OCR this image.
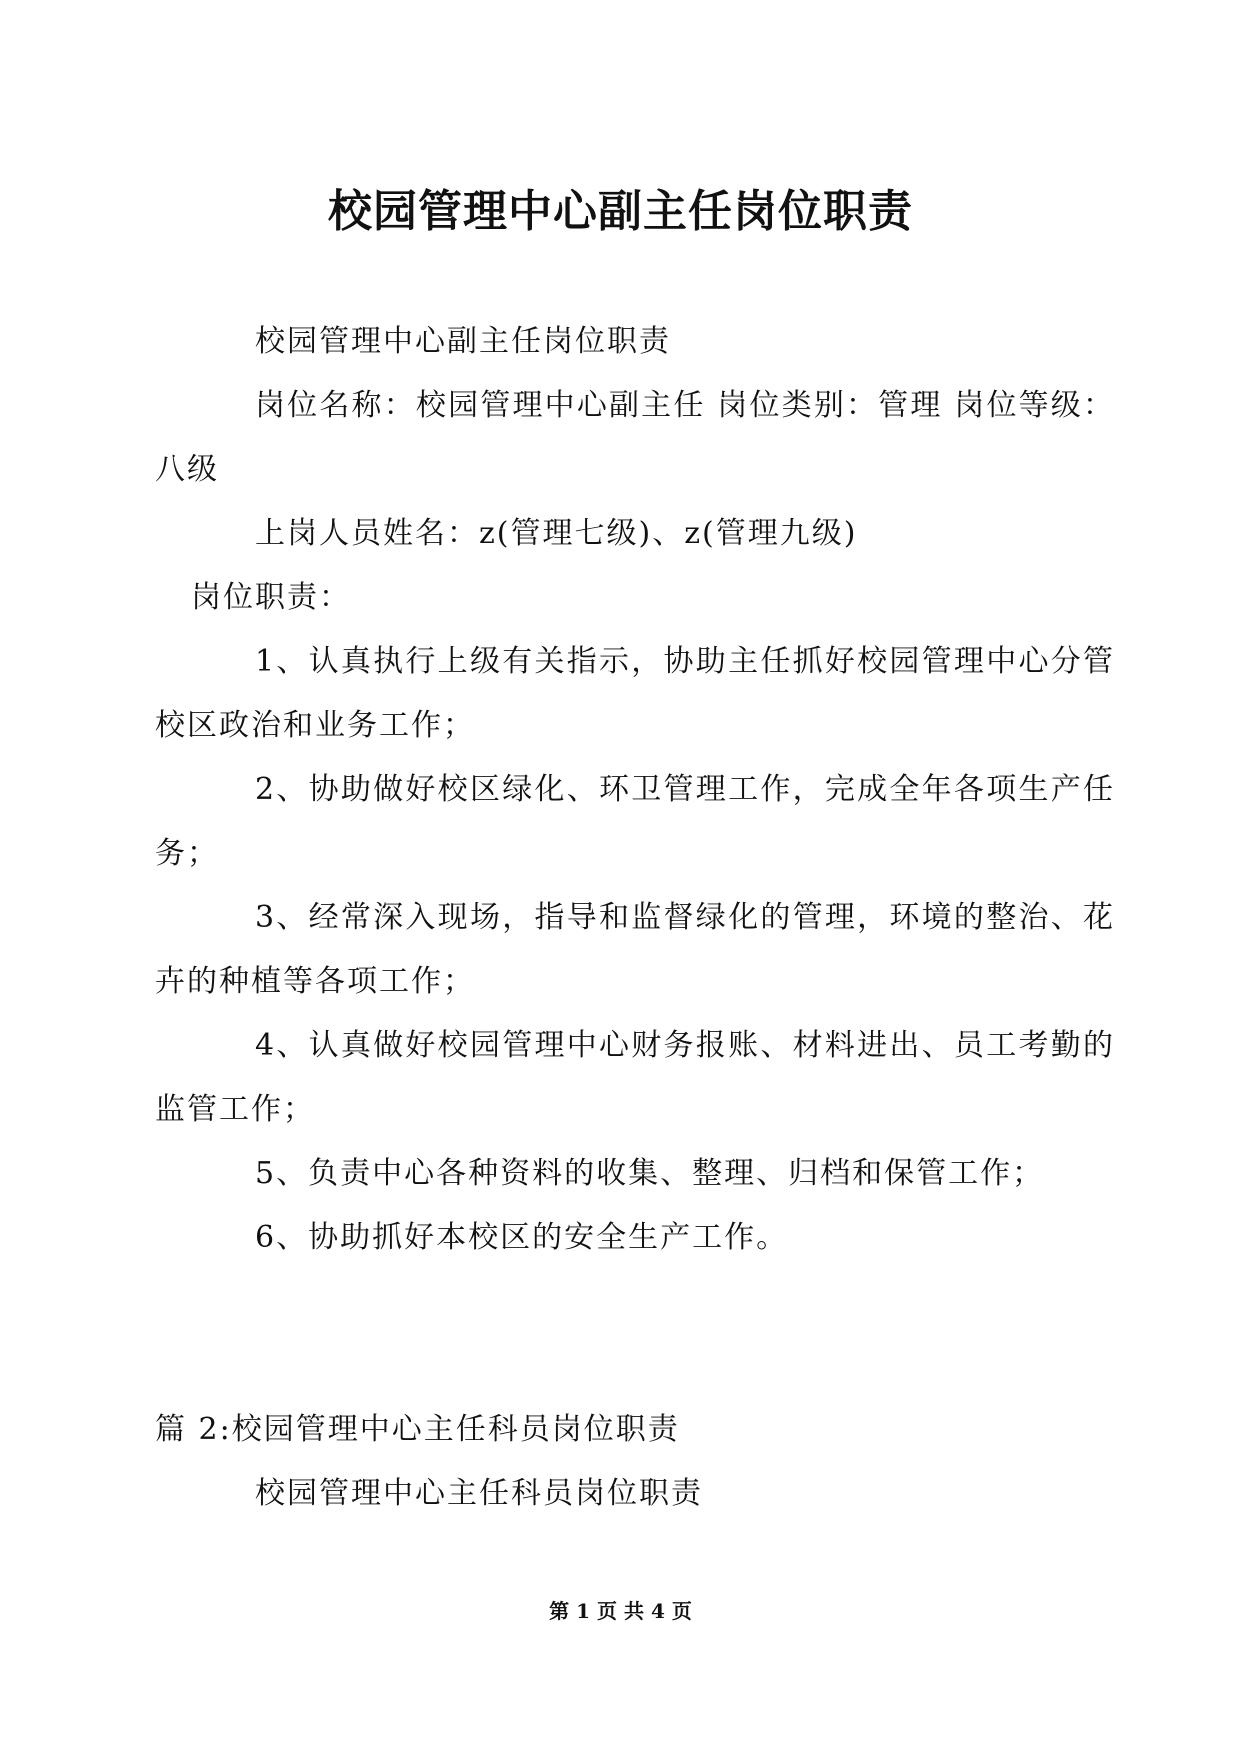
校园管理中心副主任岗位职责

校园管理中心副主任岗位职责

岗位名称：校园管理中心副主任 岗位类别：管理 岗位等级：八级

上岗人员姓名：z(管理七级)、z(管理九级)

岗位职责：

1、认真执行上级有关指示，协助主任抓好校园管理中心分管校区政治和业务工作；

2、协助做好校区绿化、环卫管理工作，完成全年各项生产任务；

3、经常深入现场，指导和监督绿化的管理，环境的整治、花卉的种植等各项工作；

4、认真做好校园管理中心财务报账、材料进出、员工考勤的监管工作；

5、负责中心各种资料的收集、整理、归档和保管工作；

6、协助抓好本校区的安全生产工作。

篇 2:校园管理中心主任科员岗位职责

校园管理中心主任科员岗位职责

第 1 页 共 4 页
